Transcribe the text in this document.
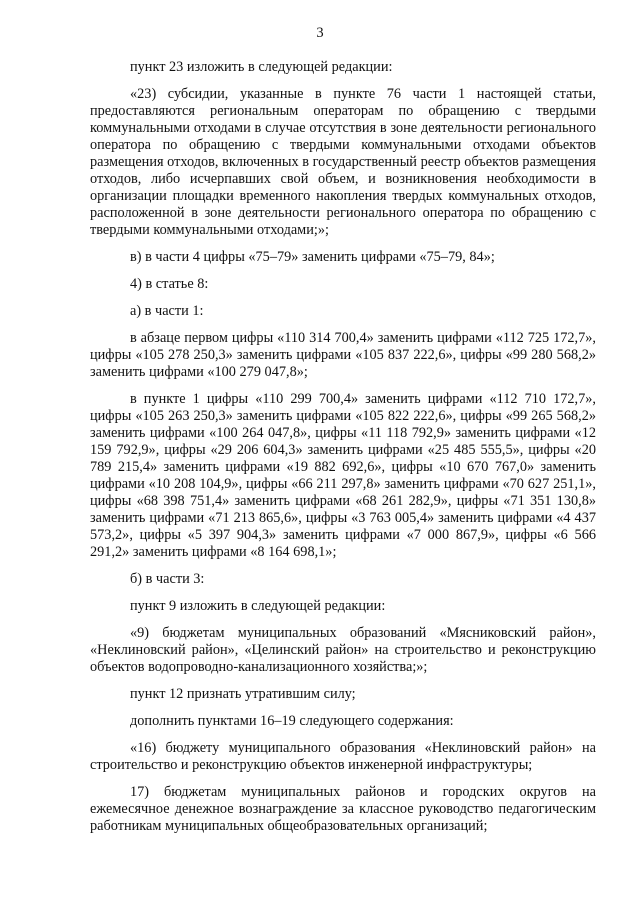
3

пункт 23 изложить в следующей редакции:

«23) субсидии, указанные в пункте 76 части 1 настоящей статьи, предоставляются региональным операторам по обращению с твердыми коммунальными отходами в случае отсутствия в зоне деятельности регионального оператора по обращению с твердыми коммунальными отходами объектов размещения отходов, включенных в государственный реестр объектов размещения отходов, либо исчерпавших свой объем, и возникновения необходимости в организации площадки временного накопления твердых коммунальных отходов, расположенной в зоне деятельности регионального оператора по обращению с твердыми коммунальными отходами;»;

в) в части 4 цифры «75–79» заменить цифрами «75–79, 84»;

4) в статье 8:

а) в части 1:

в абзаце первом цифры «110 314 700,4» заменить цифрами «112 725 172,7», цифры «105 278 250,3» заменить цифрами «105 837 222,6», цифры «99 280 568,2» заменить цифрами «100 279 047,8»;

в пункте 1 цифры «110 299 700,4» заменить цифрами «112 710 172,7», цифры «105 263 250,3» заменить цифрами «105 822 222,6», цифры «99 265 568,2» заменить цифрами «100 264 047,8», цифры «11 118 792,9» заменить цифрами «12 159 792,9», цифры «29 206 604,3» заменить цифрами «25 485 555,5», цифры «20 789 215,4» заменить цифрами «19 882 692,6», цифры «10 670 767,0» заменить цифрами «10 208 104,9», цифры «66 211 297,8» заменить цифрами «70 627 251,1», цифры «68 398 751,4» заменить цифрами «68 261 282,9», цифры «71 351 130,8» заменить цифрами «71 213 865,6», цифры «3 763 005,4» заменить цифрами «4 437 573,2», цифры «5 397 904,3» заменить цифрами «7 000 867,9», цифры «6 566 291,2» заменить цифрами «8 164 698,1»;

б) в части 3:

пункт 9 изложить в следующей редакции:

«9) бюджетам муниципальных образований «Мясниковский район», «Неклиновский район», «Целинский район» на строительство и реконструкцию объектов водопроводно-канализационного хозяйства;»;

пункт 12 признать утратившим силу;

дополнить пунктами 16–19 следующего содержания:

«16) бюджету муниципального образования «Неклиновский район» на строительство и реконструкцию объектов инженерной инфраструктуры;

17) бюджетам муниципальных районов и городских округов на ежемесячное денежное вознаграждение за классное руководство педагогическим работникам муниципальных общеобразовательных организаций;
